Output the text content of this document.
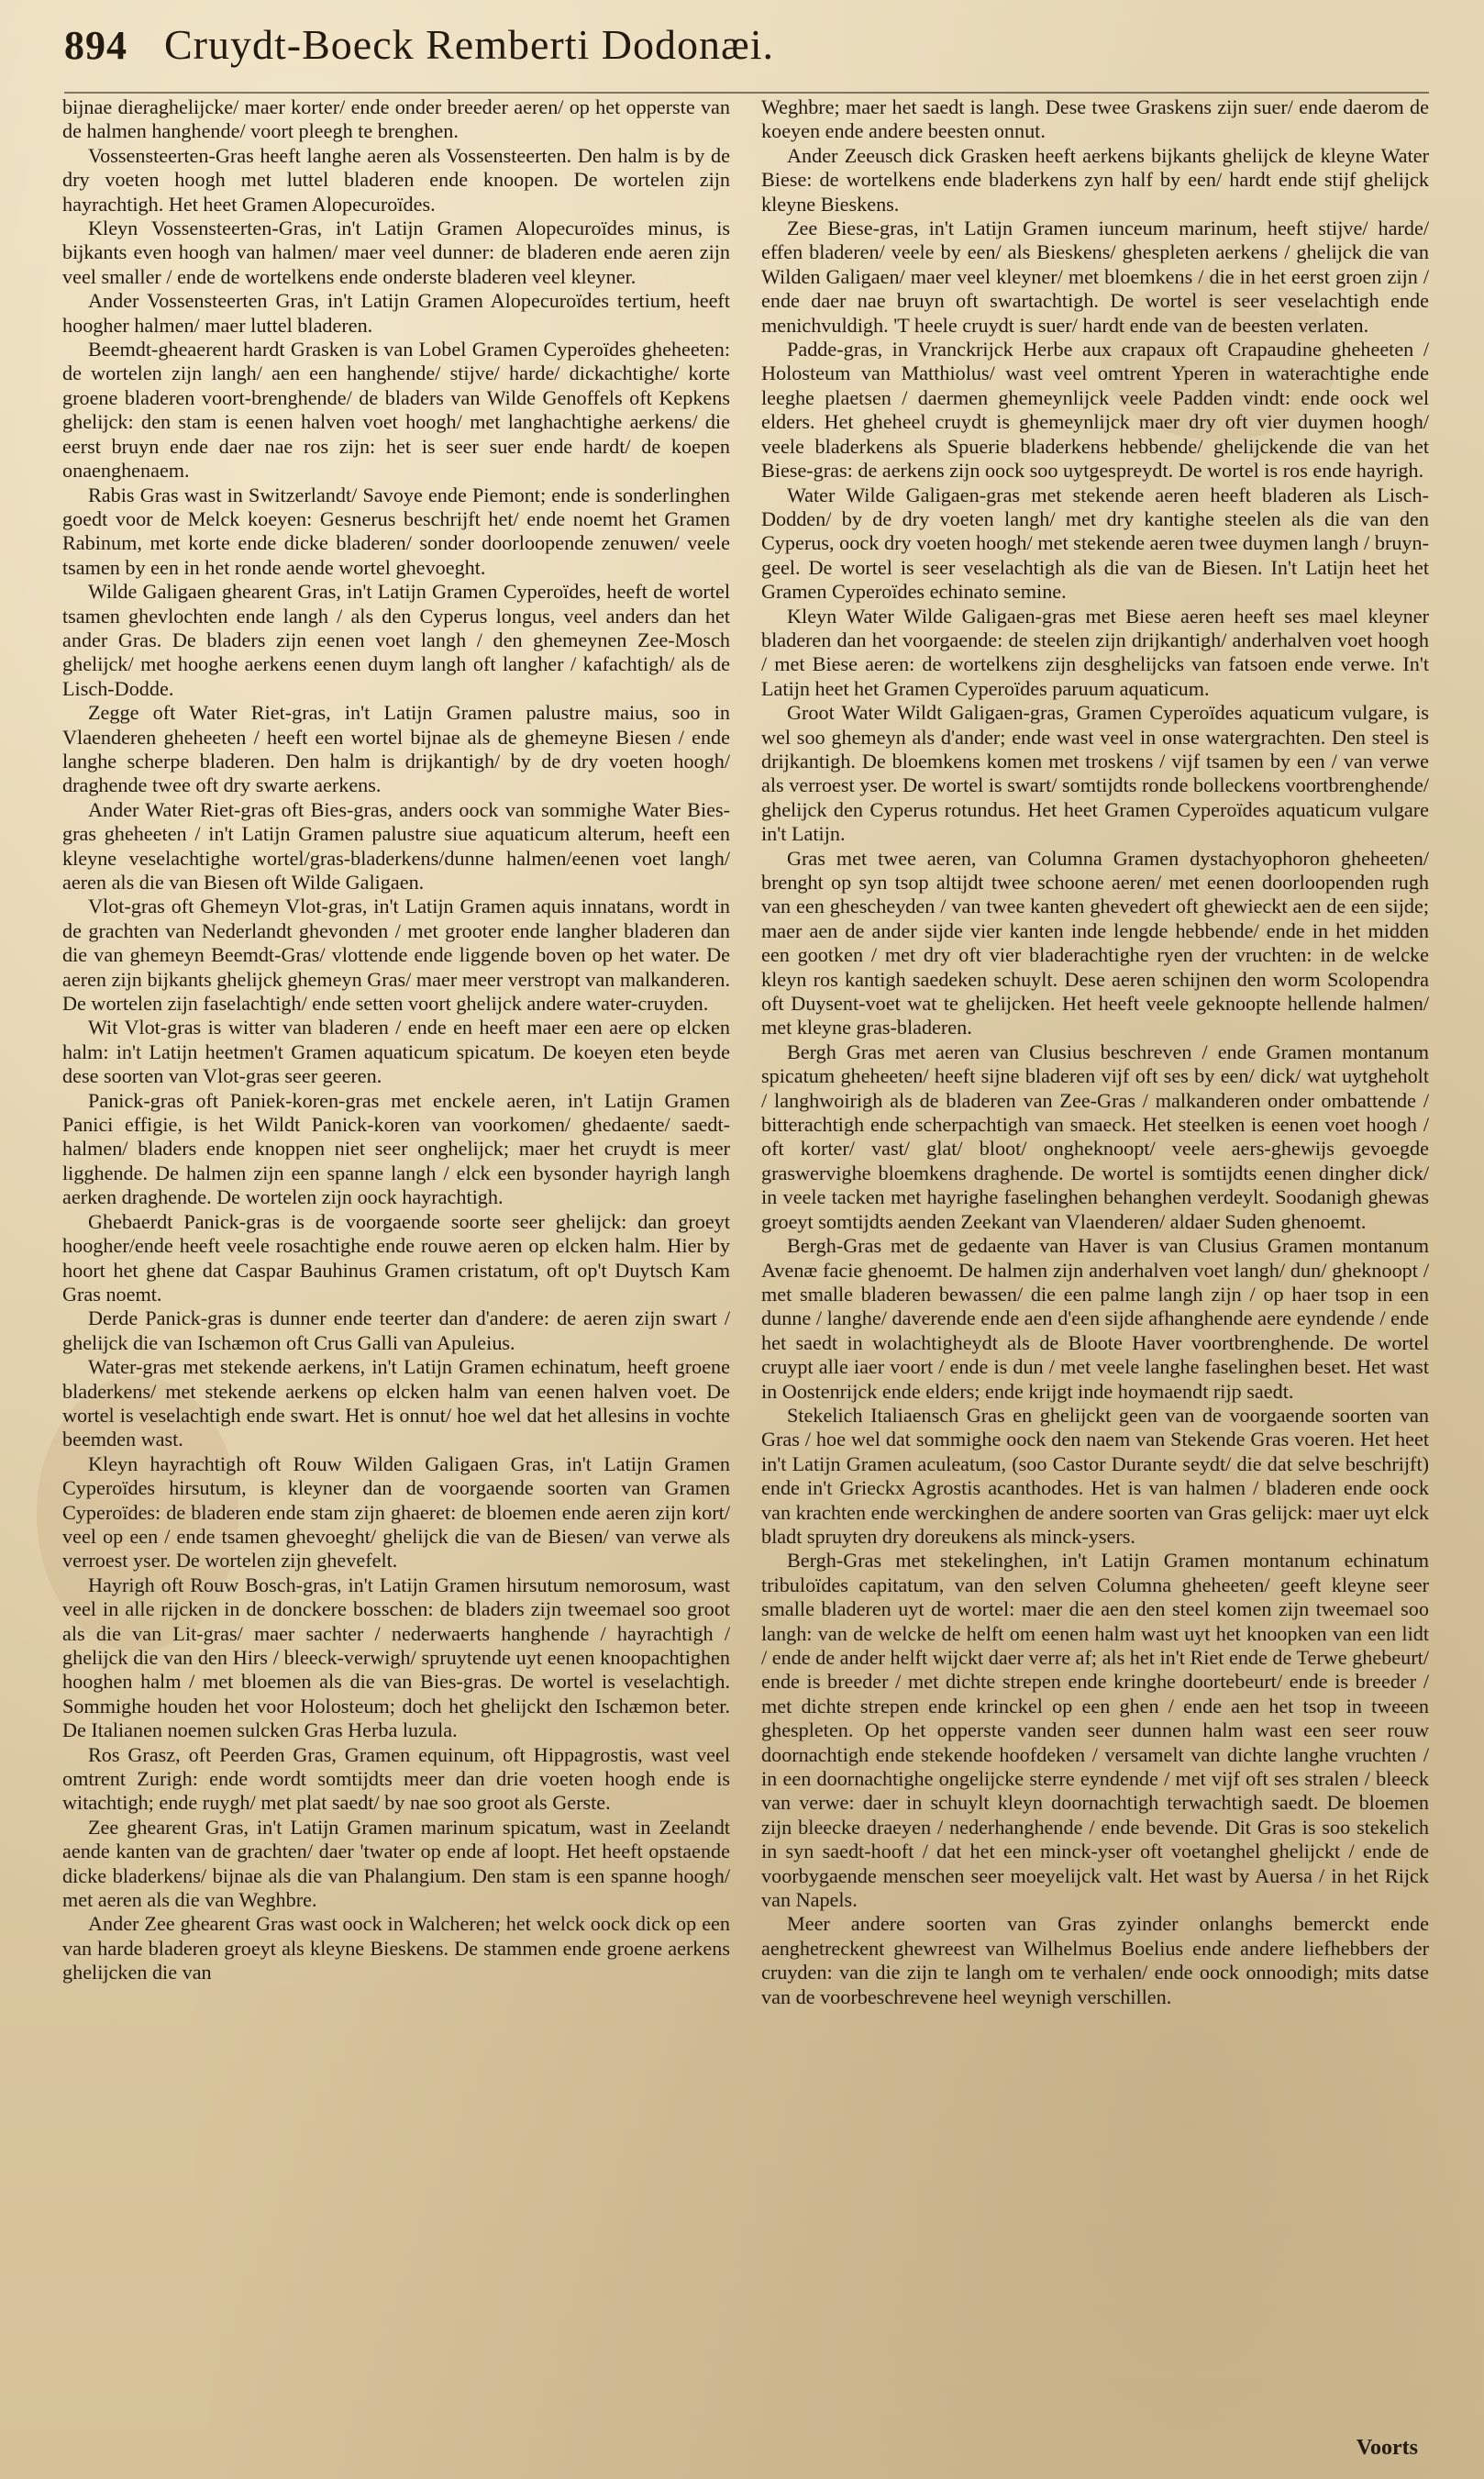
894 Cruydt-Boeck Remberti Dodonæi.

bijnae dieraghelijcke/ maer korter/ ende onder breeder aeren/ op het opperste van de halmen hanghende/ voort pleegh te brenghen.

Vossensteerten-Gras heeft langhe aeren als Vossensteerten. Den halm is by de dry voeten hoogh met luttel bladeren ende knoopen. De wortelen zijn hayrachtigh. Het heet Gramen Alopecuroïdes.

Kleyn Vossensteerten-Gras, in't Latijn Gramen Alopecuroïdes minus, is bijkants even hoogh van halmen/ maer veel dunner: de bladeren ende aeren zijn veel smaller / ende de wortelkens ende onderste bladeren veel kleyner.

Ander Vossensteerten Gras, in't Latijn Gramen Alopecuroïdes tertium, heeft hoogher halmen/ maer luttel bladeren.

Beemdt-gheaerent hardt Grasken is van Lobel Gramen Cyperoïdes gheheeten: de wortelen zijn langh/ aen een hanghende/ stijve/ harde/ dickachtighe/ korte groene bladeren voort-brenghende/ de bladers van Wilde Genoffels oft Kepkens ghelijck: den stam is eenen halven voet hoogh/ met langhachtighe aerkens/ die eerst bruyn ende daer nae ros zijn: het is seer suer ende hardt/ de koepen onaenghenaem.

Rabis Gras wast in Switzerlandt/ Savoye ende Piemont; ende is sonderlinghen goedt voor de Melck koeyen: Gesnerus beschrijft het/ ende noemt het Gramen Rabinum, met korte ende dicke bladeren/ sonder doorloopende zenuwen/ veele tsamen by een in het ronde aende wortel ghevoeght.

Wilde Galigaen ghearent Gras, in't Latijn Gramen Cyperoïdes, heeft de wortel tsamen ghevlochten ende langh / als den Cyperus longus, veel anders dan het ander Gras. De bladers zijn eenen voet langh / den ghemeynen Zee-Mosch ghelijck/ met hooghe aerkens eenen duym langh oft langher / kafachtigh/ als de Lisch-Dodde.

Zegge oft Water Riet-gras, in't Latijn Gramen palustre maius, soo in Vlaenderen gheheeten / heeft een wortel bijnae als de ghemeyne Biesen / ende langhe scherpe bladeren. Den halm is drijkantigh/ by de dry voeten hoogh/ draghende twee oft dry swarte aerkens.

Ander Water Riet-gras oft Bies-gras, anders oock van sommighe Water Bies-gras gheheeten / in't Latijn Gramen palustre siue aquaticum alterum, heeft een kleyne veselachtighe wortel/gras-bladerkens/dunne halmen/eenen voet langh/ aeren als die van Biesen oft Wilde Galigaen.

Vlot-gras oft Ghemeyn Vlot-gras, in't Latijn Gramen aquis innatans, wordt in de grachten van Nederlandt ghevonden / met grooter ende langher bladeren dan die van ghemeyn Beemdt-Gras/ vlottende ende liggende boven op het water. De aeren zijn bijkants ghelijck ghemeyn Gras/ maer meer verstropt van malkanderen. De wortelen zijn faselachtigh/ ende setten voort ghelijck andere water-cruyden.

Wit Vlot-gras is witter van bladeren / ende en heeft maer een aere op elcken halm: in't Latijn heetmen't Gramen aquaticum spicatum. De koeyen eten beyde dese soorten van Vlot-gras seer geeren.

Panick-gras oft Paniek-koren-gras met enckele aeren, in't Latijn Gramen Panici effigie, is het Wildt Panick-koren van voorkomen/ ghedaente/ saedt-halmen/ bladers ende knoppen niet seer onghelijck; maer het cruydt is meer ligghende. De halmen zijn een spanne langh / elck een bysonder hayrigh langh aerken draghende. De wortelen zijn oock hayrachtigh.

Ghebaerdt Panick-gras is de voorgaende soorte seer ghelijck: dan groeyt hoogher/ende heeft veele rosachtighe ende rouwe aeren op elcken halm. Hier by hoort het ghene dat Caspar Bauhinus Gramen cristatum, oft op't Duytsch Kam Gras noemt.

Derde Panick-gras is dunner ende teerter dan d'andere: de aeren zijn swart / ghelijck die van Ischæmon oft Crus Galli van Apuleius.

Water-gras met stekende aerkens, in't Latijn Gramen echinatum, heeft groene bladerkens/ met stekende aerkens op elcken halm van eenen halven voet. De wortel is veselachtigh ende swart. Het is onnut/ hoe wel dat het allesins in vochte beemden wast.

Kleyn hayrachtigh oft Rouw Wilden Galigaen Gras, in't Latijn Gramen Cyperoïdes hirsutum, is kleyner dan de voorgaende soorten van Gramen Cyperoïdes: de bladeren ende stam zijn ghaeret: de bloemen ende aeren zijn kort/ veel op een / ende tsamen ghevoeght/ ghelijck die van de Biesen/ van verwe als verroest yser. De wortelen zijn ghevefelt.

Hayrigh oft Rouw Bosch-gras, in't Latijn Gramen hirsutum nemorosum, wast veel in alle rijcken in de donckere bosschen: de bladers zijn tweemael soo groot als die van Lit-gras/ maer sachter / nederwaerts hanghende / hayrachtigh / ghelijck die van den Hirs / bleeck-verwigh/ spruytende uyt eenen knoopachtighen hooghen halm / met bloemen als die van Bies-gras. De wortel is veselachtigh. Sommighe houden het voor Holosteum; doch het ghelijckt den Ischæmon beter. De Italianen noemen sulcken Gras Herba luzula.

Ros Grasz, oft Peerden Gras, Gramen equinum, oft Hippagrostis, wast veel omtrent Zurigh: ende wordt somtijdts meer dan drie voeten hoogh ende is witachtigh; ende ruygh/ met plat saedt/ by nae soo groot als Gerste.

Zee ghearent Gras, in't Latijn Gramen marinum spicatum, wast in Zeelandt aende kanten van de grachten/ daer 'twater op ende af loopt. Het heeft opstaende dicke bladerkens/ bijnae als die van Phalangium. Den stam is een spanne hoogh/ met aeren als die van Weghbre.

Ander Zee ghearent Gras wast oock in Walcheren; het welck oock dick op een van harde bladeren groeyt als kleyne Bieskens. De stammen ende groene aerkens ghelijcken die van

Weghbre; maer het saedt is langh. Dese twee Graskens zijn suer/ ende daerom de koeyen ende andere beesten onnut.

Ander Zeeusch dick Grasken heeft aerkens bijkants ghelijck de kleyne Water Biese: de wortelkens ende bladerkens zyn half by een/ hardt ende stijf ghelijck kleyne Bieskens.

Zee Biese-gras, in't Latijn Gramen iunceum marinum, heeft stijve/ harde/ effen bladeren/ veele by een/ als Bieskens/ ghespleten aerkens / ghelijck die van Wilden Galigaen/ maer veel kleyner/ met bloemkens / die in het eerst groen zijn / ende daer nae bruyn oft swartachtigh. De wortel is seer veselachtigh ende menichvuldigh. 'T heele cruydt is suer/ hardt ende van de beesten verlaten.

Padde-gras, in Vranckrijck Herbe aux crapaux oft Crapaudine gheheeten / Holosteum van Matthiolus/ wast veel omtrent Yperen in waterachtighe ende leeghe plaetsen / daermen ghemeynlijck veele Padden vindt: ende oock wel elders. Het gheheel cruydt is ghemeynlijck maer dry oft vier duymen hoogh/ veele bladerkens als Spuerie bladerkens hebbende/ ghelijckende die van het Biese-gras: de aerkens zijn oock soo uytgespreydt. De wortel is ros ende hayrigh.

Water Wilde Galigaen-gras met stekende aeren heeft bladeren als Lisch-Dodden/ by de dry voeten langh/ met dry kantighe steelen als die van den Cyperus, oock dry voeten hoogh/ met stekende aeren twee duymen langh / bruyn-geel. De wortel is seer veselachtigh als die van de Biesen. In't Latijn heet het Gramen Cyperoïdes echinato semine.

Kleyn Water Wilde Galigaen-gras met Biese aeren heeft ses mael kleyner bladeren dan het voorgaende: de steelen zijn drijkantigh/ anderhalven voet hoogh / met Biese aeren: de wortelkens zijn desghelijcks van fatsoen ende verwe. In't Latijn heet het Gramen Cyperoïdes paruum aquaticum.

Groot Water Wildt Galigaen-gras, Gramen Cyperoïdes aquaticum vulgare, is wel soo ghemeyn als d'ander; ende wast veel in onse watergrachten. Den steel is drijkantigh. De bloemkens komen met troskens / vijf tsamen by een / van verwe als verroest yser. De wortel is swart/ somtijdts ronde bolleckens voortbrenghende/ ghelijck den Cyperus rotundus. Het heet Gramen Cyperoïdes aquaticum vulgare in't Latijn.

Gras met twee aeren, van Columna Gramen dystachyophoron gheheeten/ brenght op syn tsop altijdt twee schoone aeren/ met eenen doorloopenden rugh van een ghescheyden / van twee kanten ghevedert oft ghewieckt aen de een sijde; maer aen de ander sijde vier kanten inde lengde hebbende/ ende in het midden een gootken / met dry oft vier bladerachtighe ryen der vruchten: in de welcke kleyn ros kantigh saedeken schuylt. Dese aeren schijnen den worm Scolopendra oft Duysent-voet wat te ghelijcken. Het heeft veele geknoopte hellende halmen/ met kleyne gras-bladeren.

Bergh Gras met aeren van Clusius beschreven / ende Gramen montanum spicatum gheheeten/ heeft sijne bladeren vijf oft ses by een/ dick/ wat uytgheholt / langhwoirigh als de bladeren van Zee-Gras / malkanderen onder ombattende / bitterachtigh ende scherpachtigh van smaeck. Het steelken is eenen voet hoogh / oft korter/ vast/ glat/ bloot/ ongheknoopt/ veele aers-ghewijs gevoegde graswervighe bloemkens draghende. De wortel is somtijdts eenen dingher dick/ in veele tacken met hayrighe faselinghen behanghen verdeylt. Soodanigh ghewas groeyt somtijdts aenden Zeekant van Vlaenderen/ aldaer Suden ghenoemt.

Bergh-Gras met de gedaente van Haver is van Clusius Gramen montanum Avenæ facie ghenoemt. De halmen zijn anderhalven voet langh/ dun/ gheknoopt / met smalle bladeren bewassen/ die een palme langh zijn / op haer tsop in een dunne / langhe/ daverende ende aen d'een sijde afhanghende aere eyndende / ende het saedt in wolachtigheydt als de Bloote Haver voortbrenghende. De wortel cruypt alle iaer voort / ende is dun / met veele langhe faselinghen beset. Het wast in Oostenrijck ende elders; ende krijgt inde hoymaendt rijp saedt.

Stekelich Italiaensch Gras en ghelijckt geen van de voorgaende soorten van Gras / hoe wel dat sommighe oock den naem van Stekende Gras voeren. Het heet in't Latijn Gramen aculeatum, (soo Castor Durante seydt/ die dat selve beschrijft) ende in't Grieckx Agrostis acanthodes. Het is van halmen / bladeren ende oock van krachten ende werckinghen de andere soorten van Gras gelijck: maer uyt elck bladt spruyten dry doreukens als minck-ysers.

Bergh-Gras met stekelinghen, in't Latijn Gramen montanum echinatum tribuloïdes capitatum, van den selven Columna gheheeten/ geeft kleyne seer smalle bladeren uyt de wortel: maer die aen den steel komen zijn tweemael soo langh: van de welcke de helft om eenen halm wast uyt het knoopken van een lidt / ende de ander helft wijckt daer verre af; als het in't Riet ende de Terwe ghebeurt/ ende is breeder / met dichte strepen ende kringhe doortebeurt/ ende is breeder / met dichte strepen ende krinckel op een ghen / ende aen het tsop in tweeen ghespleten. Op het opperste vanden seer dunnen halm wast een seer rouw doornachtigh ende stekende hoofdeken / versamelt van dichte langhe vruchten / in een doornachtighe ongelijcke sterre eyndende / met vijf oft ses stralen / bleeck van verwe: daer in schuylt kleyn doornachtigh terwachtigh saedt. De bloemen zijn bleecke draeyen / nederhanghende / ende bevende. Dit Gras is soo stekelich in syn saedt-hooft / dat het een minck-yser oft voetanghel ghelijckt / ende de voorbygaende menschen seer moeyelijck valt. Het wast by Auersa / in het Rijck van Napels.

Meer andere soorten van Gras zyinder onlanghs bemerckt ende aenghetreckent ghewreest van Wilhelmus Boelius ende andere liefhebbers der cruyden: van die zijn te langh om te verhalen/ ende oock onnoodigh; mits datse van de voorbeschrevene heel weynigh verschillen.

Voorts
